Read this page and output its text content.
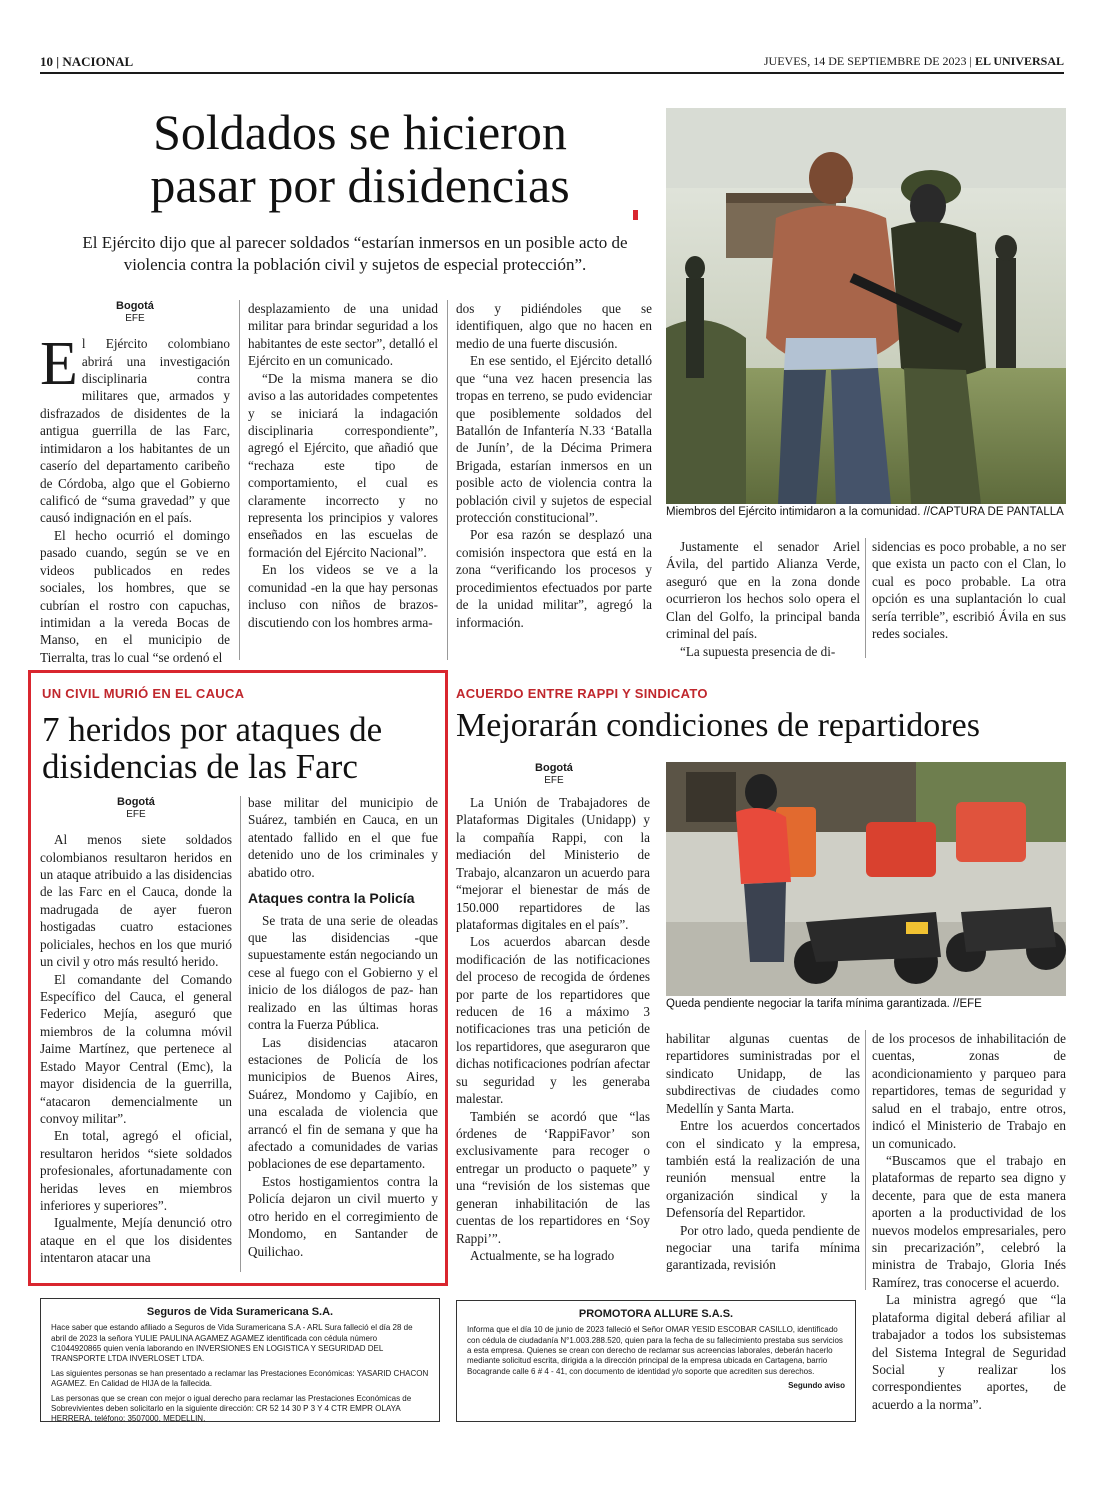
10 | NACIONAL	JUEVES, 14 DE SEPTIEMBRE DE 2023 | EL UNIVERSAL
Soldados se hicieron
pasar por disidencias
El Ejército dijo que al parecer soldados “estarían inmersos en un posible acto de violencia contra la población civil y sujetos de especial protección”.
Miembros del Ejército intimidaron a la comunidad. //CAPTURA DE PANTALLA
Bogotá
EFE

El Ejército colombiano abrirá una investigación disciplinaria contra militares que, armados y disfrazados de disidentes de la antigua guerrilla de las Farc, intimidaron a los habitantes de un caserío del departamento caribeño de Córdoba, algo que el Gobierno calificó de “suma gravedad” y que causó indignación en el país.

El hecho ocurrió el domingo pasado cuando, según se ve en videos publicados en redes sociales, los hombres, que se cubrían el rostro con capuchas, intimidan a la vereda Bocas de Manso, en el municipio de Tierralta, tras lo cual “se ordenó el

desplazamiento de una unidad militar para brindar seguridad a los habitantes de este sector”, detalló el Ejército en un comunicado.

“De la misma manera se dio aviso a las autoridades competentes y se iniciará la indagación disciplinaria correspondiente”, agregó el Ejército, que añadió que “rechaza este tipo de comportamiento, el cual es claramente incorrecto y no representa los principios y valores enseñados en las escuelas de formación del Ejército Nacional”.

En los videos se ve a la comunidad -en la que hay personas incluso con niños de brazos- discutiendo con los hombres arma-

dos y pidiéndoles que se identifiquen, algo que no hacen en medio de una fuerte discusión.

En ese sentido, el Ejército detalló que “una vez hacen presencia las tropas en terreno, se pudo evidenciar que posiblemente soldados del Batallón de Infantería N.33 ‘Batalla de Junín’, de la Décima Primera Brigada, estarían inmersos en un posible acto de violencia contra la población civil y sujetos de especial protección constitucional”.

Por esa razón se desplazó una comisión inspectora que está en la zona “verificando los procesos y procedimientos efectuados por parte de la unidad militar”, agregó la información.

Justamente el senador Ariel Ávila, del partido Alianza Verde, aseguró que en la zona donde ocurrieron los hechos solo opera el Clan del Golfo, la principal banda criminal del país.

“La supuesta presencia de di-

sidencias es poco probable, a no ser que exista un pacto con el Clan, lo cual es poco probable. La otra opción es una suplantación lo cual sería terrible”, escribió Ávila en sus redes sociales.

UN CIVIL MURIÓ EN EL CAUCA
7 heridos por ataques de
disidencias de las Farc
Bogotá
EFE

Al menos siete soldados colombianos resultaron heridos en un ataque atribuido a las disidencias de las Farc en el Cauca, donde la madrugada de ayer fueron hostigadas cuatro estaciones policiales, hechos en los que murió un civil y otro más resultó herido.

El comandante del Comando Específico del Cauca, el general Federico Mejía, aseguró que miembros de la columna móvil Jaime Martínez, que pertenece al Estado Mayor Central (Emc), la mayor disidencia de la guerrilla, “atacaron demencialmente un convoy militar”.

En total, agregó el oficial, resultaron heridos “siete soldados profesionales, afortunadamente con heridas leves en miembros inferiores y superiores”.

Igualmente, Mejía denunció otro ataque en el que los disidentes intentaron atacar una

base militar del municipio de Suárez, también en Cauca, en un atentado fallido en el que fue detenido uno de los criminales y abatido otro.

Ataques contra la Policía

Se trata de una serie de oleadas que las disidencias -que supuestamente están negociando un cese al fuego con el Gobierno y el inicio de los diálogos de paz- han realizado en las últimas horas contra la Fuerza Pública.

Las disidencias atacaron estaciones de Policía de los municipios de Buenos Aires, Suárez, Mondomo y Cajibío, en una escalada de violencia que arrancó el fin de semana y que ha afectado a comunidades de varias poblaciones de ese departamento.

Estos hostigamientos contra la Policía dejaron un civil muerto y otro herido en el corregimiento de Mondomo, en Santander de Quilichao.

ACUERDO ENTRE RAPPI Y SINDICATO
Mejorarán condiciones de repartidores
Bogotá
EFE

La Unión de Trabajadores de Plataformas Digitales (Unidapp) y la compañía Rappi, con la mediación del Ministerio de Trabajo, alcanzaron un acuerdo para “mejorar el bienestar de más de 150.000 repartidores de las plataformas digitales en el país”.

Los acuerdos abarcan desde modificación de las notificaciones del proceso de recogida de órdenes por parte de los repartidores que reducen de 16 a máximo 3 notificaciones tras una petición de los repartidores, que aseguraron que dichas notificaciones podrían afectar su seguridad y les generaba malestar.

También se acordó que “las órdenes de ‘RappiFavor’ son exclusivamente para recoger o entregar un producto o paquete” y una “revisión de los sistemas que generan inhabilitación de las cuentas de los repartidores en ‘Soy Rappi’”.

Actualmente, se ha logrado

Queda pendiente negociar la tarifa mínima garantizada. //EFE

habilitar algunas cuentas de repartidores suministradas por el sindicato Unidapp, de las subdirectivas de ciudades como Medellín y Santa Marta.

Entre los acuerdos concertados con el sindicato y la empresa, también está la realización de una reunión mensual entre la organización sindical y la Defensoría del Repartidor.

Por otro lado, queda pendiente de negociar una tarifa mínima garantizada, revisión

de los procesos de inhabilitación de cuentas, zonas de acondicionamiento y parqueo para repartidores, temas de seguridad y salud en el trabajo, entre otros, indicó el Ministerio de Trabajo en un comunicado.

“Buscamos que el trabajo en plataformas de reparto sea digno y decente, para que de esta manera aporten a la productividad de los nuevos modelos empresariales, pero sin precarización”, celebró la ministra de Trabajo, Gloria Inés Ramírez, tras conocerse el acuerdo.

La ministra agregó que “la plataforma digital deberá afiliar al trabajador a todos los subsistemas del Sistema Integral de Seguridad Social y realizar los correspondientes aportes, de acuerdo a la norma”.

Seguros de Vida Suramericana S.A.

Hace saber que estando afiliado a Seguros de Vida Suramericana S.A - ARL Sura falleció el día 28 de abril de 2023 la señora YULIE PAULINA AGAMEZ AGAMEZ identificada con cédula número C1044920865 quien venía laborando en INVERSIONES EN LOGISTICA Y SEGURIDAD DEL TRANSPORTE LTDA INVERLOSET LTDA.

Las siguientes personas se han presentado a reclamar las Prestaciones Económicas: YASARID CHACON AGAMEZ. En Calidad de HIJA de la fallecida.

Las personas que se crean con mejor o igual derecho para reclamar las Prestaciones Económicas de Sobrevivientes deben solicitarlo en la siguiente dirección: CR 52 14 30 P 3 Y 4 CTR EMPR OLAYA HERRERA, teléfono: 3507000, MEDELLIN.

PROMOTORA ALLURE S.A.S.

Informa que el día 10 de junio de 2023 falleció el Señor OMAR YESID ESCOBAR CASILLO, identificado con cédula de ciudadanía N°1.003.288.520, quien para la fecha de su fallecimiento prestaba sus servicios a esta empresa. Quienes se crean con derecho de reclamar sus acreencias laborales, deberán hacerlo mediante solicitud escrita, dirigida a la dirección principal de la empresa ubicada en Cartagena, barrio Bocagrande calle 6 # 4 - 41, con documento de identidad y/o soporte que acrediten sus derechos.

Segundo aviso
